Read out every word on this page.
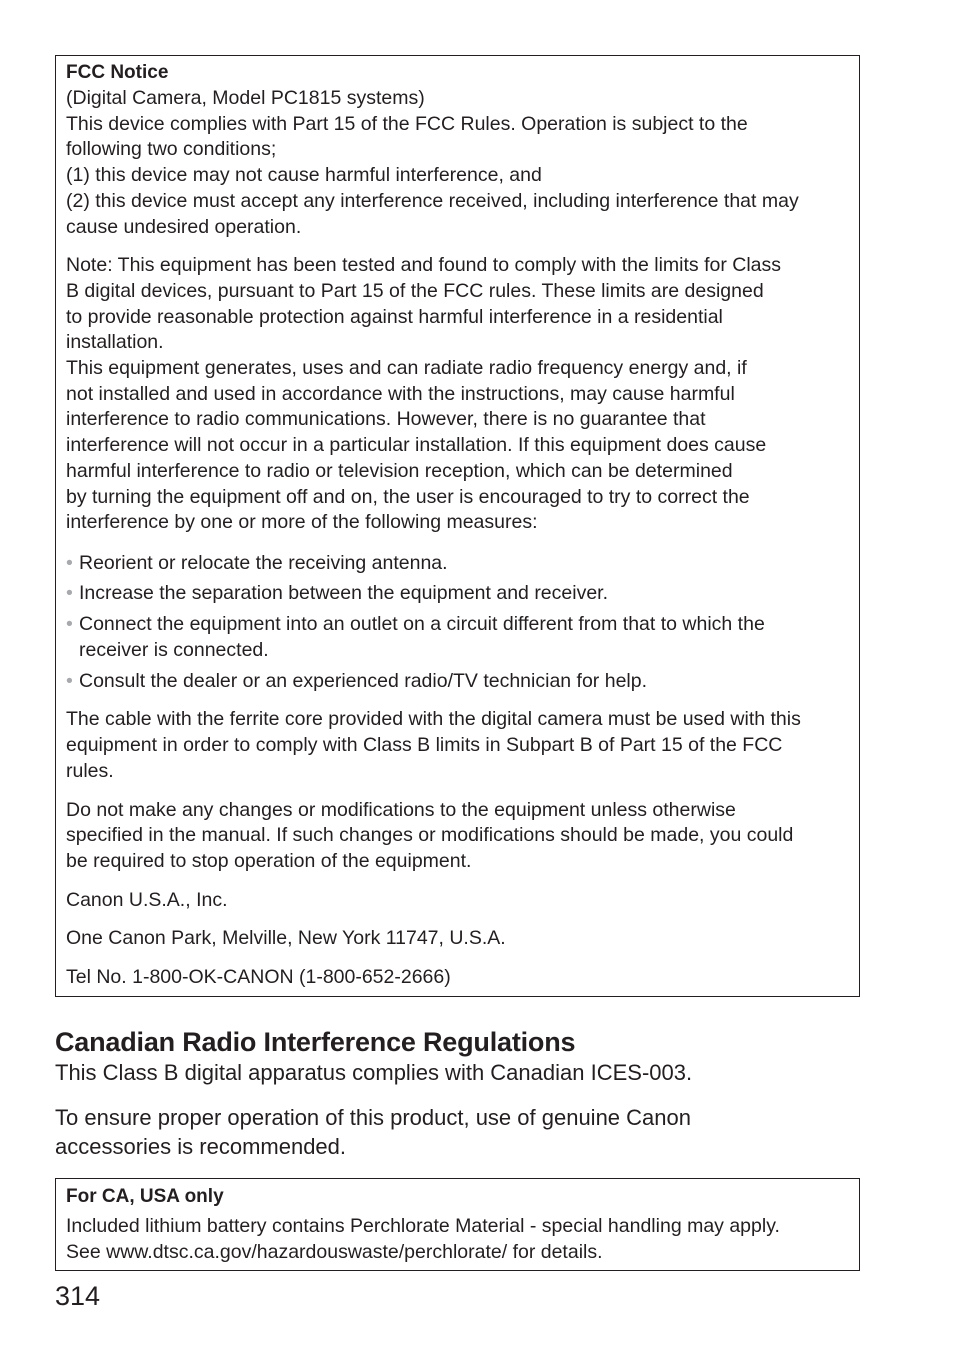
FCC Notice
(Digital Camera, Model PC1815 systems)
This device complies with Part 15 of the FCC Rules. Operation is subject to the
following two conditions;
(1) this device may not cause harmful interference, and
(2) this device must accept any interference received, including interference that may
cause undesired operation.
Note: This equipment has been tested and found to comply with the limits for Class
B digital devices, pursuant to Part 15 of the FCC rules. These limits are designed
to provide reasonable protection against harmful interference in a residential
installation.
This equipment generates, uses and can radiate radio frequency energy and, if
not installed and used in accordance with the instructions, may cause harmful
interference to radio communications. However, there is no guarantee that
interference will not occur in a particular installation. If this equipment does cause
harmful interference to radio or television reception, which can be determined
by turning the equipment off and on, the user is encouraged to try to correct the
interference by one or more of the following measures:
• Reorient or relocate the receiving antenna.
• Increase the separation between the equipment and receiver.
• Connect the equipment into an outlet on a circuit different from that to which the
receiver is connected.
• Consult the dealer or an experienced radio/TV technician for help.
The cable with the ferrite core provided with the digital camera must be used with this
equipment in order to comply with Class B limits in Subpart B of Part 15 of the FCC
rules.
Do not make any changes or modifications to the equipment unless otherwise
specified in the manual. If such changes or modifications should be made, you could
be required to stop operation of the equipment.
Canon U.S.A., Inc.
One Canon Park, Melville, New York 11747, U.S.A.
Tel No. 1-800-OK-CANON (1-800-652-2666)
Canadian Radio Interference Regulations

This Class B digital apparatus complies with Canadian ICES-003.

To ensure proper operation of this product, use of genuine Canon
accessories is recommended.
For CA, USA only
Included lithium battery contains Perchlorate Material - special handling may apply.
See www.dtsc.ca.gov/hazardouswaste/perchlorate/ for details.
314
